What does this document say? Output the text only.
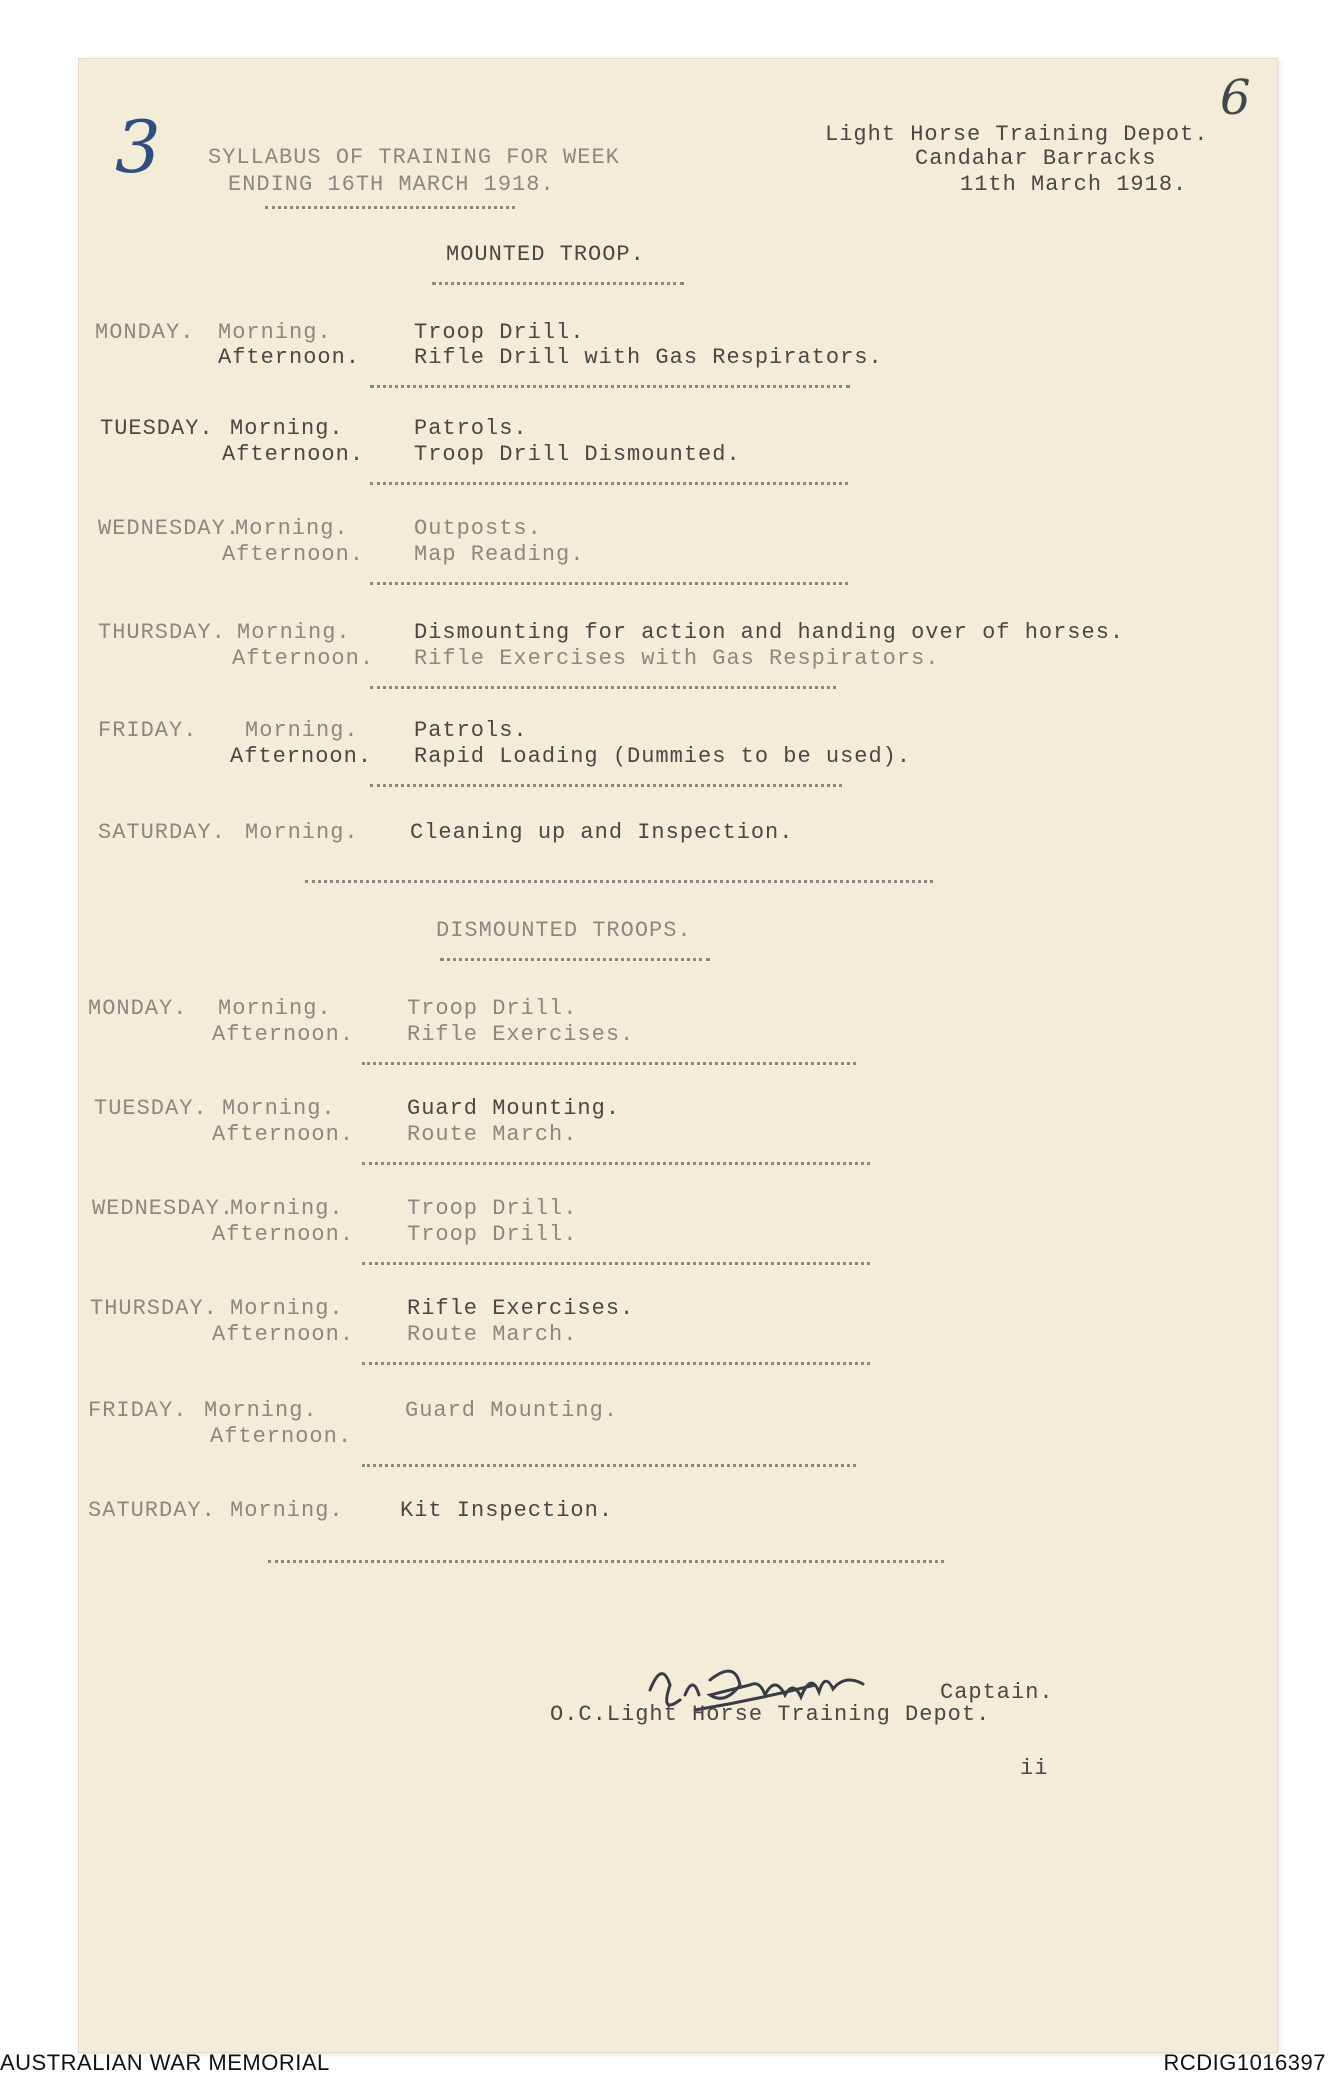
3
6
SYLLABUS OF TRAINING FOR WEEK
ENDING 16TH MARCH 1918.
Light Horse Training Depot.
Candahar Barracks
11th March 1918.
MOUNTED TROOP.
MONDAY. Morning.	Troop Drill.
Afternoon. Rifle Drill with Gas Respirators.
TUESDAY. Morning.	Patrols.
Afternoon. Troop Drill Dismounted.
WEDNESDAY.
Morning.	Outposts.
Afternoon. Map Reading.
THURSDAY. Morning.	Dismounting for action and handing over of horses.
Afternoon. Rifle Exercises with Gas Respirators.
FRIDAY. Morning.	Patrols.
Afternoon. Rapid Loading (Dummies to be used).
SATURDAY. Morning. Cleaning up and Inspection.
DISMOUNTED TROOPS.
MONDAY. Morning.	Troop Drill.
Afternoon. Rifle Exercises.
TUESDAY. Morning.	Guard Mounting.
Afternoon. Route March.
WEDNESDAY.
Morning.	Troop Drill.
Afternoon. Troop Drill.
THURSDAY. Morning.	Rifle Exercises.
Afternoon. Route March.
FRIDAY. Morning.	Guard Mounting.
Afternoon.
SATURDAY. Morning.	Kit Inspection.
Captain.
O.C.Light Horse Training Depot.
ii
AUSTRALIAN WAR MEMORIAL	RCDIG1016397
